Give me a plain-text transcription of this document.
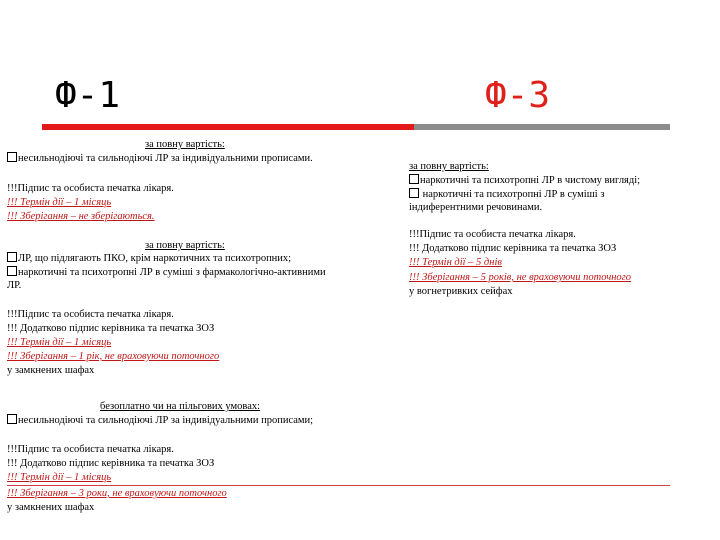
Ф-1	Ф-3
за повну вартість:
несильнодіючі та сильнодіючі ЛР за індивідуальними прописами.
!!!Підпис та особиста печатка лікаря.
!!! Термін дії – 1 місяць
!!! Зберігання – не зберігаються.
за повну вартість:
ЛР, що підлягають ПКО, крім наркотичних та психотропних;
наркотичні та психотропні ЛР в суміші з фармакологічно-активними
ЛР.
!!!Підпис та особиста печатка лікаря.
!!! Додатково підпис керівника та печатка ЗОЗ
!!! Термін дії – 1 місяць
!!! Зберігання – 1 рік, не враховуючи поточного
у замкнених шафах
безоплатно чи на пільгових умовах:
несильнодіючі та сильнодіючі ЛР за індивідуальними прописами;
!!!Підпис та особиста печатка лікаря.
!!! Додатково підпис керівника та печатка ЗОЗ
!!! Термін дії – 1 місяць
!!! Зберігання – 3 роки, не враховуючи поточного
у замкнених шафах
за повну вартість:
наркотичні та психотропні ЛР в чистому вигляді;
наркотичні та психотропні ЛР в суміші з індиферентними речовинами.
!!!Підпис та особиста печатка лікаря.
!!! Додатково підпис керівника та печатка ЗОЗ
!!! Термін дії – 5 днів
!!! Зберігання – 5 років, не враховуючи поточного
у вогнетривких сейфах
